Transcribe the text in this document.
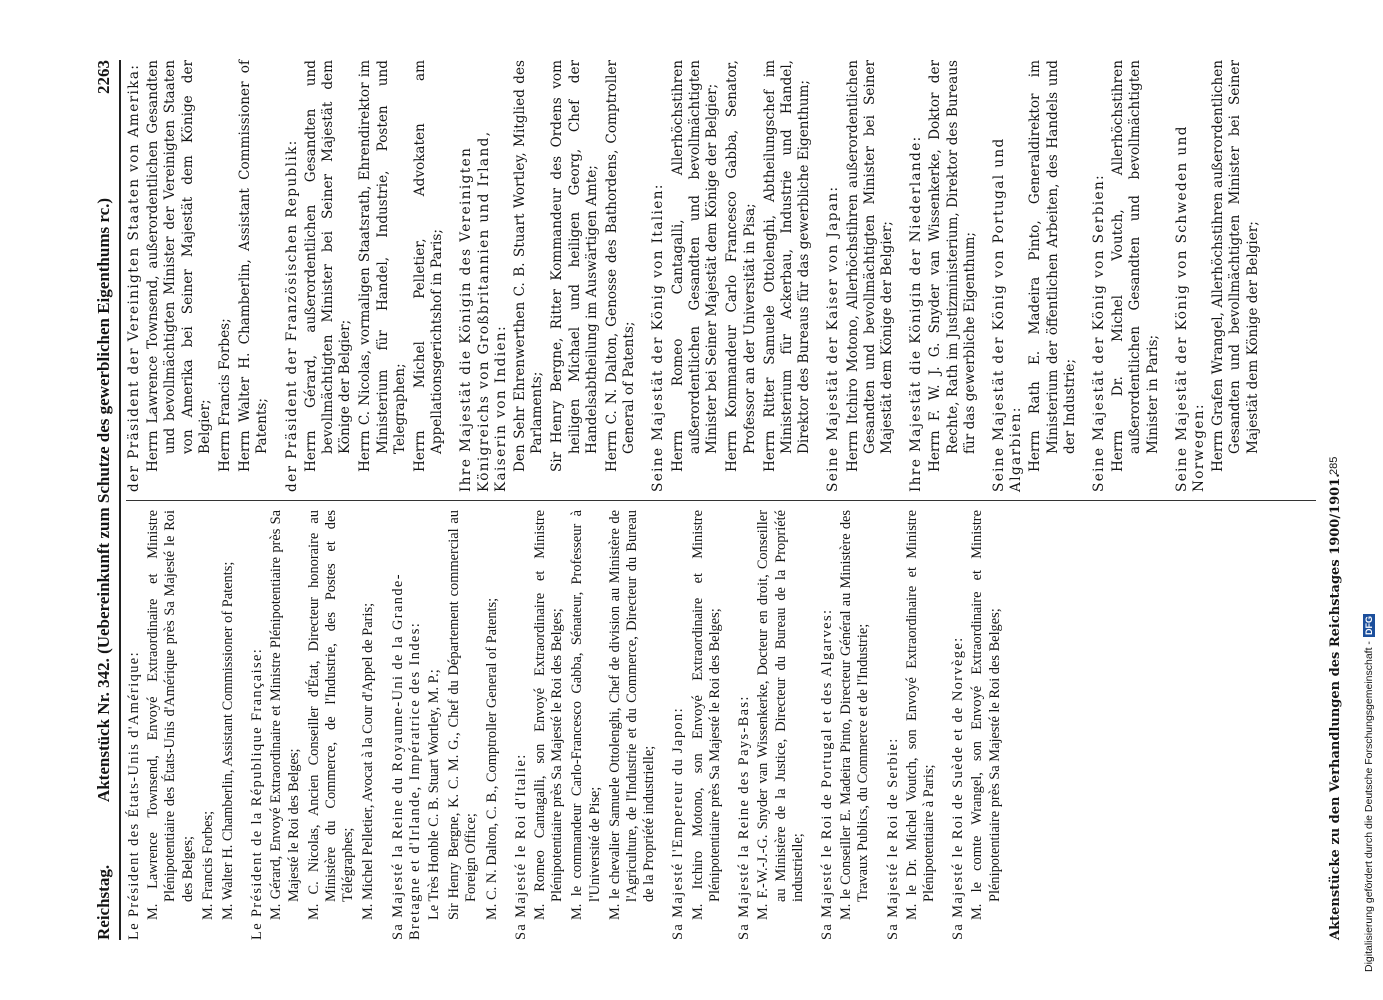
Reichstag.
Aktenstück Nr. 342. (Uebereinkunft zum Schutze des gewerblichen Eigenthums rc.)
2263
Le Président des États-Unis d'Amérique: M. Lawrence Townsend, Envoyé Extraordinaire et Ministre Plénipotentiaire des États-Unis d'Amérique près Sa Majesté le Roi des Belges; M. Francis Forbes; M. Walter H. Chamberlin, Assistant Commissioner of Patents; Le Président de la République Française: M. Gérard, Envoyé Extraordinaire et Ministre Plénipotentiaire près Sa Majesté le Roi des Belges; M. C. Nicolas, Ancien Conseiller d'État, Directeur honoraire au Ministère du Commerce, de l'Industrie, des Postes et des Télégraphes; M. Michel Pelletier, Avocat à la Cour d'Appel de Paris; Sa Majesté la Reine du Royaume-Uni de la Grande-Bretagne et d'Irlande, Impératrice des Indes: Le Très Honble C. B. Stuart Wortley, M. P.; Sir Henry Bergne, K. C. M. G., Chef du Département commercial au Foreign Office; M. C. N. Dalton, C. B., Comptroller General of Patents; Sa Majesté le Roi d'Italie: M. Romeo Cantagalli, son Envoyé Extraordinaire et Ministre Plénipotentiaire près Sa Majesté le Roi des Belges; M. le commandeur Carlo-Francesco Gabba, Sénateur, Professeur à l'Université de Pise; M. le chevalier Samuele Ottolenghi, Chef de division au Ministère de l'Agriculture, de l'Industrie et du Commerce, Directeur du Bureau de la Propriété industrielle; Sa Majesté l'Empereur du Japon: M. Itchiro Motono, son Envoyé Extraordinaire et Ministre Plénipotentiaire près Sa Majesté le Roi des Belges; Sa Majesté la Reine des Pays-Bas: M. F.-W.-J.-G. Snyder van Wissenkerke, Docteur en droit, Conseiller au Ministère de la Justice, Directeur du Bureau de la Propriété industrielle; Sa Majesté le Roi de Portugal et des Algarves: M. le Conseiller E. Madeira Pinto, Directeur Général au Ministère des Travaux Publics, du Commerce et de l'Industrie; Sa Majesté le Roi de Serbie: M. le Dr. Michel Voutch, son Envoyé Extraordinaire et Ministre Plénipotentiaire à Paris; Sa Majesté le Roi de Suède et de Norvège: M. le comte Wrangel, son Envoyé Extraordinaire et Ministre Plénipotentiaire près Sa Majesté le Roi des Belges;
der Präsident der Vereinigten Staaten von Amerika: Herrn Lawrence Townsend, außerordentlichen Gesandten und bevollmächtigten Minister der Vereinigten Staaten von Amerika bei Seiner Majestät dem Könige der Belgier; Herrn Francis Forbes; Herrn Walter H. Chamberlin, Assistant Commissioner of Patents; der Präsident der Französischen Republik: Herrn Gérard, außerordentlichen Gesandten und bevollmächtigten Minister bei Seiner Majestät dem Könige der Belgier; Herrn C. Nicolas, vormaligen Staatsrath, Ehrendirektor im Ministerium für Handel, Industrie, Posten und Telegraphen; Herrn Michel Pelletier, Advokaten am Appellationsgerichtshof in Paris; Ihre Majestät die Königin des Vereinigten Königreichs von Großbritannien und Irland, Kaiserin von Indien: Den Sehr Ehrenwerthen C. B. Stuart Wortley, Mitglied des Parlaments; Sir Henry Bergne, Ritter Kommandeur des Ordens vom heiligen Michael und heiligen Georg, Chef der Handelsabtheilung im Auswärtigen Amte; Herrn C. N. Dalton, Genosse des Bathordens, Comptroller General of Patents; Seine Majestät der König von Italien: Herrn Romeo Cantagalli, Allerhöchstihren außerordentlichen Gesandten und bevollmächtigten Minister bei Seiner Majestät dem Könige der Belgier; Herrn Kommandeur Carlo Francesco Gabba, Senator, Professor an der Universität in Pisa; Herrn Ritter Samuele Ottolenghi, Abtheilungschef im Ministerium für Ackerbau, Industrie und Handel, Direktor des Bureaus für das gewerbliche Eigenthum; Seine Majestät der Kaiser von Japan: Herrn Itchiro Motono, Allerhöchstihren außerordentlichen Gesandten und bevollmächtigten Minister bei Seiner Majestät dem Könige der Belgier; Ihre Majestät die Königin der Niederlande: Herrn F. W. J. G. Snyder van Wissenkerke, Doktor der Rechte, Rath im Justizministerium, Direktor des Bureaus für das gewerbliche Eigenthum; Seine Majestät der König von Portugal und Algarbien: Herrn Rath E. Madeira Pinto, Generaldirektor im Ministerium der öffentlichen Arbeiten, des Handels und der Industrie; Seine Majestät der König von Serbien: Herrn Dr. Michel Voutch, Allerhöchstihren außerordentlichen Gesandten und bevollmächtigten Minister in Paris; Seine Majestät der König von Schweden und Norwegen: Herrn Grafen Wrangel, Allerhöchstihren außerordentlichen Gesandten und bevollmächtigten Minister bei Seiner Majestät dem Könige der Belgier;
Aktenstücke zu den Verhandlungen des Reichstages 1900/1901.
285
Digitalisierung gefördert durch die Deutsche Forschungsgemeinschaft -
DFG
